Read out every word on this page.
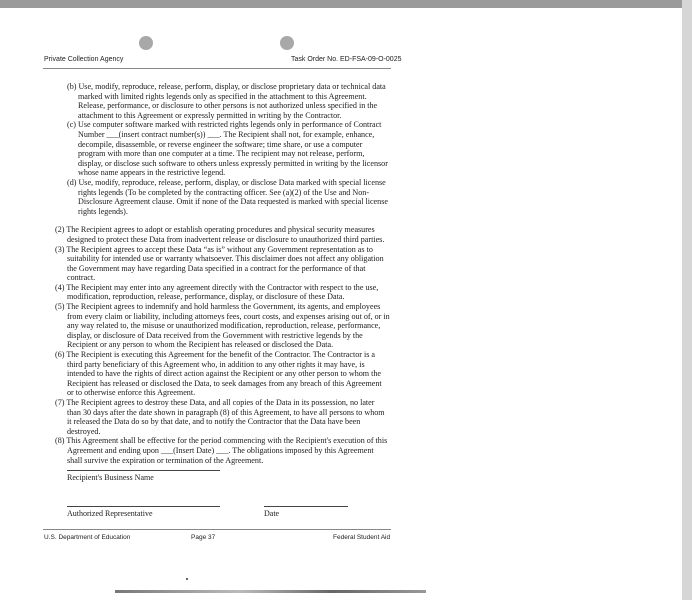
Private Collection Agency	Task Order No. ED-FSA-09-O-0025

(b) Use, modify, reproduce, release, perform, display, or disclose proprietary data or technical data marked with limited rights legends only as specified in the attachment to this Agreement. Release, performance, or disclosure to other persons is not authorized unless specified in the attachment to this Agreement or expressly permitted in writing by the Contractor.

(c) Use computer software marked with restricted rights legends only in performance of Contract Number ___(insert contract number(s)) ___. The Recipient shall not, for example, enhance, decompile, disassemble, or reverse engineer the software; time share, or use a computer program with more than one computer at a time. The recipient may not release, perform, display, or disclose such software to others unless expressly permitted in writing by the licensor whose name appears in the restrictive legend.

(d) Use, modify, reproduce, release, perform, display, or disclose Data marked with special license rights legends (To be completed by the contracting officer. See (a)(2) of the Use and Non-Disclosure Agreement clause. Omit if none of the Data requested is marked with special license rights legends).

(2) The Recipient agrees to adopt or establish operating procedures and physical security measures designed to protect these Data from inadvertent release or disclosure to unauthorized third parties.

(3) The Recipient agrees to accept these Data “as is” without any Government representation as to suitability for intended use or warranty whatsoever. This disclaimer does not affect any obligation the Government may have regarding Data specified in a contract for the performance of that contract.

(4) The Recipient may enter into any agreement directly with the Contractor with respect to the use, modification, reproduction, release, performance, display, or disclosure of these Data.

(5) The Recipient agrees to indemnify and hold harmless the Government, its agents, and employees from every claim or liability, including attorneys fees, court costs, and expenses arising out of, or in any way related to, the misuse or unauthorized modification, reproduction, release, performance, display, or disclosure of Data received from the Government with restrictive legends by the Recipient or any person to whom the Recipient has released or disclosed the Data.

(6) The Recipient is executing this Agreement for the benefit of the Contractor. The Contractor is a third party beneficiary of this Agreement who, in addition to any other rights it may have, is intended to have the rights of direct action against the Recipient or any other person to whom the Recipient has released or disclosed the Data, to seek damages from any breach of this Agreement or to otherwise enforce this Agreement.

(7) The Recipient agrees to destroy these Data, and all copies of the Data in its possession, no later than 30 days after the date shown in paragraph (8) of this Agreement, to have all persons to whom it released the Data do so by that date, and to notify the Contractor that the Data have been destroyed.

(8) This Agreement shall be effective for the period commencing with the Recipient's execution of this Agreement and ending upon ___(Insert Date) ___. The obligations imposed by this Agreement shall survive the expiration or termination of the Agreement.

Recipient's Business Name
Authorized Representative	Date
U.S. Department of Education	Page 37	Federal Student Aid
